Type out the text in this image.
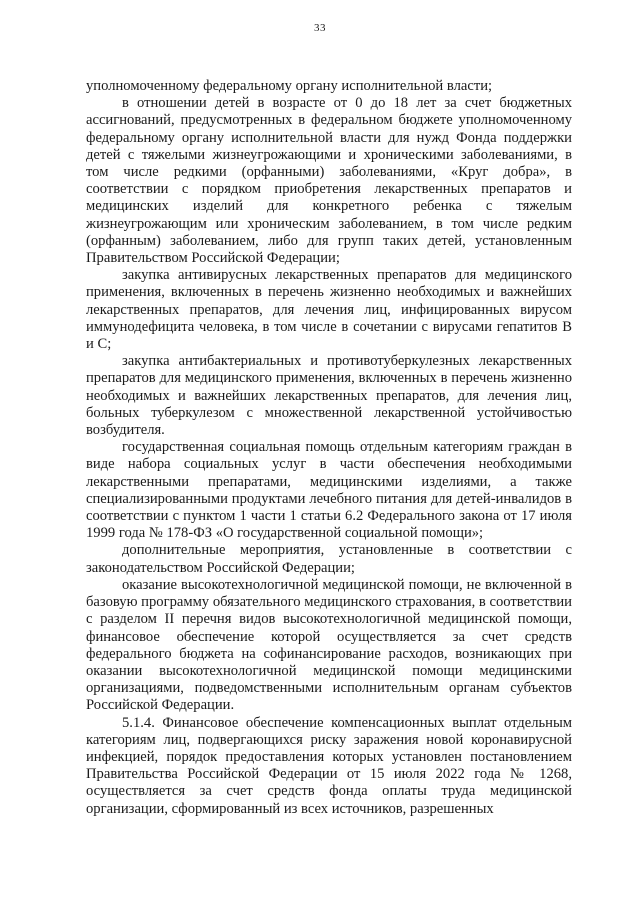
33

уполномоченному федеральному органу исполнительной власти;

в отношении детей в возрасте от 0 до 18 лет за счет бюджетных ассигнований, предусмотренных в федеральном бюджете уполномоченному федеральному органу исполнительной власти для нужд Фонда поддержки детей с тяжелыми жизнеугрожающими и хроническими заболеваниями, в том числе редкими (орфанными) заболеваниями, «Круг добра», в соответствии с порядком приобретения лекарственных препаратов и медицинских изделий для конкретного ребенка с тяжелым жизнеугрожающим или хроническим заболеванием, в том числе редким (орфанным) заболеванием, либо для групп таких детей, установленным Правительством Российской Федерации;

закупка антивирусных лекарственных препаратов для медицинского применения, включенных в перечень жизненно необходимых и важнейших лекарственных препаратов, для лечения лиц, инфицированных вирусом иммунодефицита человека, в том числе в сочетании с вирусами гепатитов B и C;

закупка антибактериальных и противотуберкулезных лекарственных препаратов для медицинского применения, включенных в перечень жизненно необходимых и важнейших лекарственных препаратов, для лечения лиц, больных туберкулезом с множественной лекарственной устойчивостью возбудителя.

государственная социальная помощь отдельным категориям граждан в виде набора социальных услуг в части обеспечения необходимыми лекарственными препаратами, медицинскими изделиями, а также специализированными продуктами лечебного питания для детей-инвалидов в соответствии с пунктом 1 части 1 статьи 6.2 Федерального закона от 17 июля 1999 года № 178-ФЗ «О государственной социальной помощи»;

дополнительные мероприятия, установленные в соответствии с законодательством Российской Федерации;

оказание высокотехнологичной медицинской помощи, не включенной в базовую программу обязательного медицинского страхования, в соответствии с разделом II перечня видов высокотехнологичной медицинской помощи, финансовое обеспечение которой осуществляется за счет средств федерального бюджета на софинансирование расходов, возникающих при оказании высокотехнологичной медицинской помощи медицинскими организациями, подведомственными исполнительным органам субъектов Российской Федерации.

5.1.4. Финансовое обеспечение компенсационных выплат отдельным категориям лиц, подвергающихся риску заражения новой коронавирусной инфекцией, порядок предоставления которых установлен постановлением Правительства Российской Федерации от 15 июля 2022 года № 1268, осуществляется за счет средств фонда оплаты труда медицинской организации, сформированный из всех источников, разрешенных
